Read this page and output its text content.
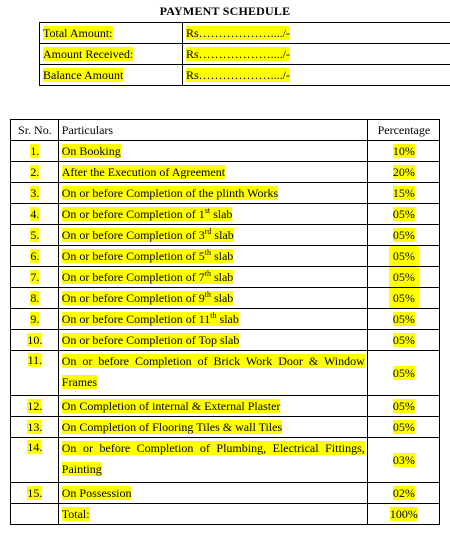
PAYMENT SCHEDULE
Total Amount:	Rs………………..../-
Amount Received:	Rs………………..../-
Balance Amount	Rs………………..../-
Sr. No.	Particulars	Percentage
1.	On Booking	10%
2.	After the Execution of Agreement	20%
3.	On or before Completion of the plinth Works	15%
4.	On or before Completion of 1st slab	05%
5.	On or before Completion of 3rd slab	05%
6.	On or before Completion of 5th slab	05%
7.	On or before Completion of 7th slab	05%
8.	On or before Completion of 9th slab	05%
9.	On or before Completion of 11th slab	05%
10.	On or before Completion of Top slab	05%
11.	On or before Completion of Brick Work Door & Window Frames	05%
12.	On Completion of internal & External Plaster	05%
13.	On Completion of Flooring Tiles & wall Tiles	05%
14.	On or before Completion of Plumbing, Electrical Fittings, Painting	03%
15.	On Possession	02%
	Total:	100%
